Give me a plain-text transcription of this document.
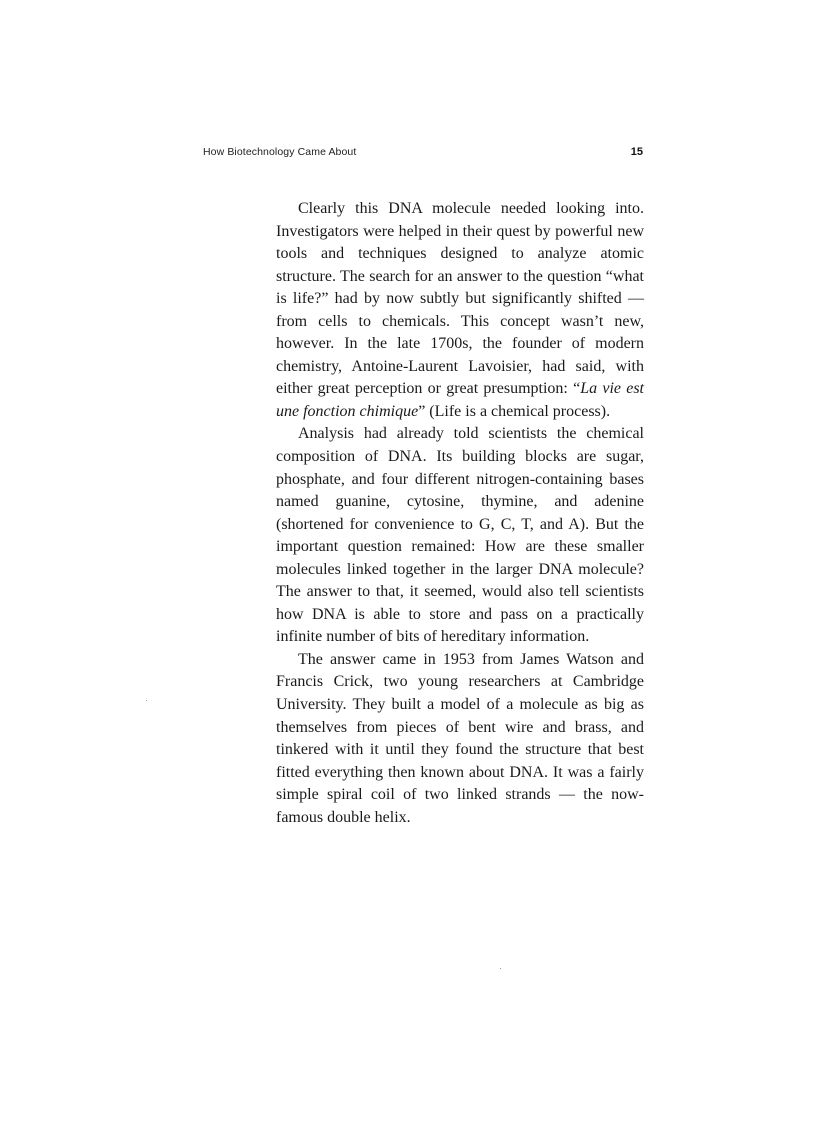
How Biotechnology Came About	15

Clearly this DNA molecule needed looking into. Investigators were helped in their quest by powerful new tools and techniques designed to analyze atomic structure. The search for an answer to the question “what is life?” had by now subtly but significantly shifted — from cells to chemicals. This concept wasn’t new, however. In the late 1700s, the founder of modern chemistry, Antoine-Laurent Lavoisier, had said, with either great perception or great presumption: “La vie est une fonction chimique” (Life is a chemical process).

Analysis had already told scientists the chemical composition of DNA. Its building blocks are sugar, phosphate, and four different nitrogen-containing bases named guanine, cytosine, thymine, and adenine (shortened for convenience to G, C, T, and A). But the important question remained: How are these smaller molecules linked together in the larger DNA molecule? The answer to that, it seemed, would also tell scientists how DNA is able to store and pass on a practically infinite number of bits of hereditary information.

The answer came in 1953 from James Watson and Francis Crick, two young researchers at Cambridge University. They built a model of a molecule as big as themselves from pieces of bent wire and brass, and tinkered with it until they found the structure that best fitted everything then known about DNA. It was a fairly simple spiral coil of two linked strands — the now-famous double helix.
